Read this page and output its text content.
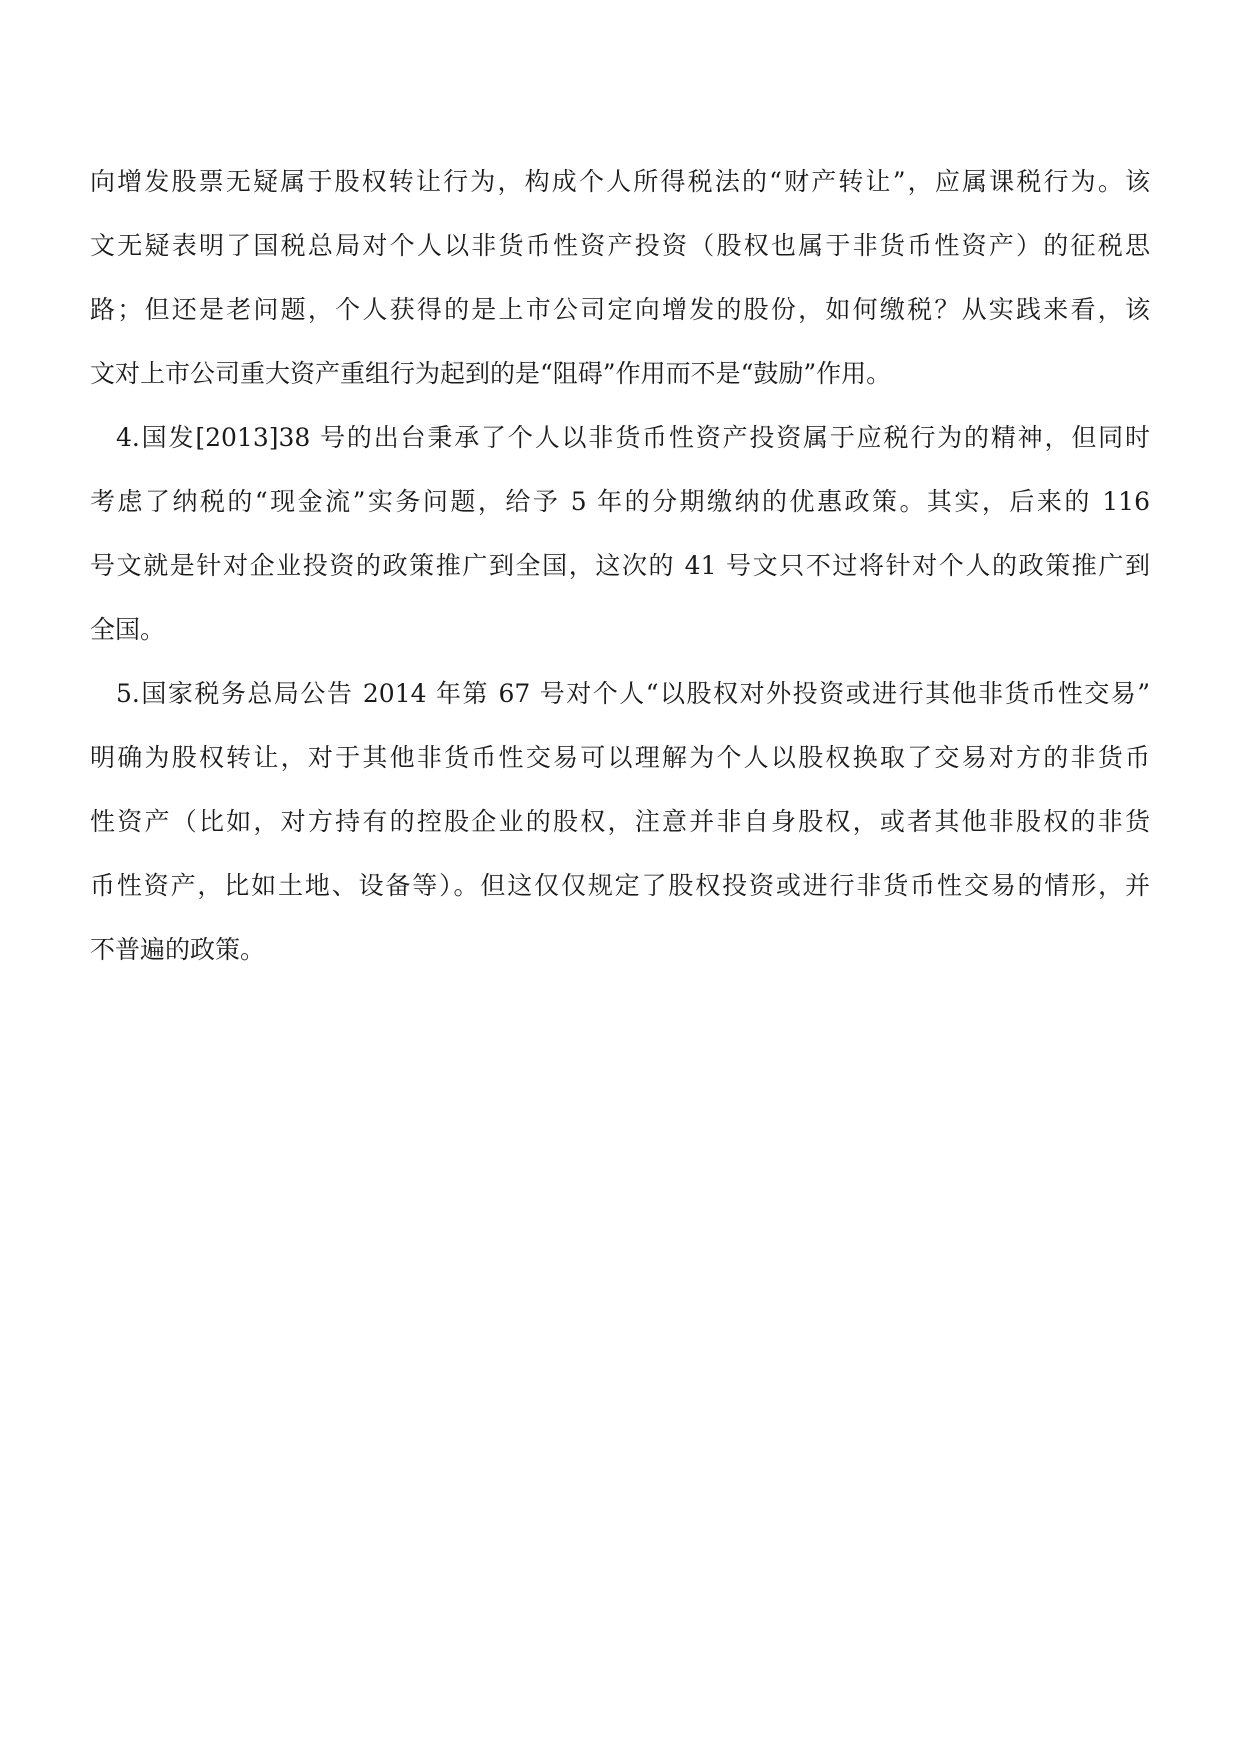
向增发股票无疑属于股权转让行为，构成个人所得税法的“财产转让”，应属课税行为。该
文无疑表明了国税总局对个人以非货币性资产投资（股权也属于非货币性资产）的征税思
路；但还是老问题，个人获得的是上市公司定向增发的股份，如何缴税？从实践来看，该
文对上市公司重大资产重组行为起到的是“阻碍”作用而不是“鼓励”作用。
4.国发[2013]38 号的出台秉承了个人以非货币性资产投资属于应税行为的精神，但同时
考虑了纳税的“现金流”实务问题，给予 5 年的分期缴纳的优惠政策。其实，后来的 116
号文就是针对企业投资的政策推广到全国，这次的 41 号文只不过将针对个人的政策推广到
全国。
5.国家税务总局公告 2014 年第 67 号对个人“以股权对外投资或进行其他非货币性交易”
明确为股权转让，对于其他非货币性交易可以理解为个人以股权换取了交易对方的非货币
性资产（比如，对方持有的控股企业的股权，注意并非自身股权，或者其他非股权的非货
币性资产，比如土地、设备等）。但这仅仅规定了股权投资或进行非货币性交易的情形，并
不普遍的政策。
